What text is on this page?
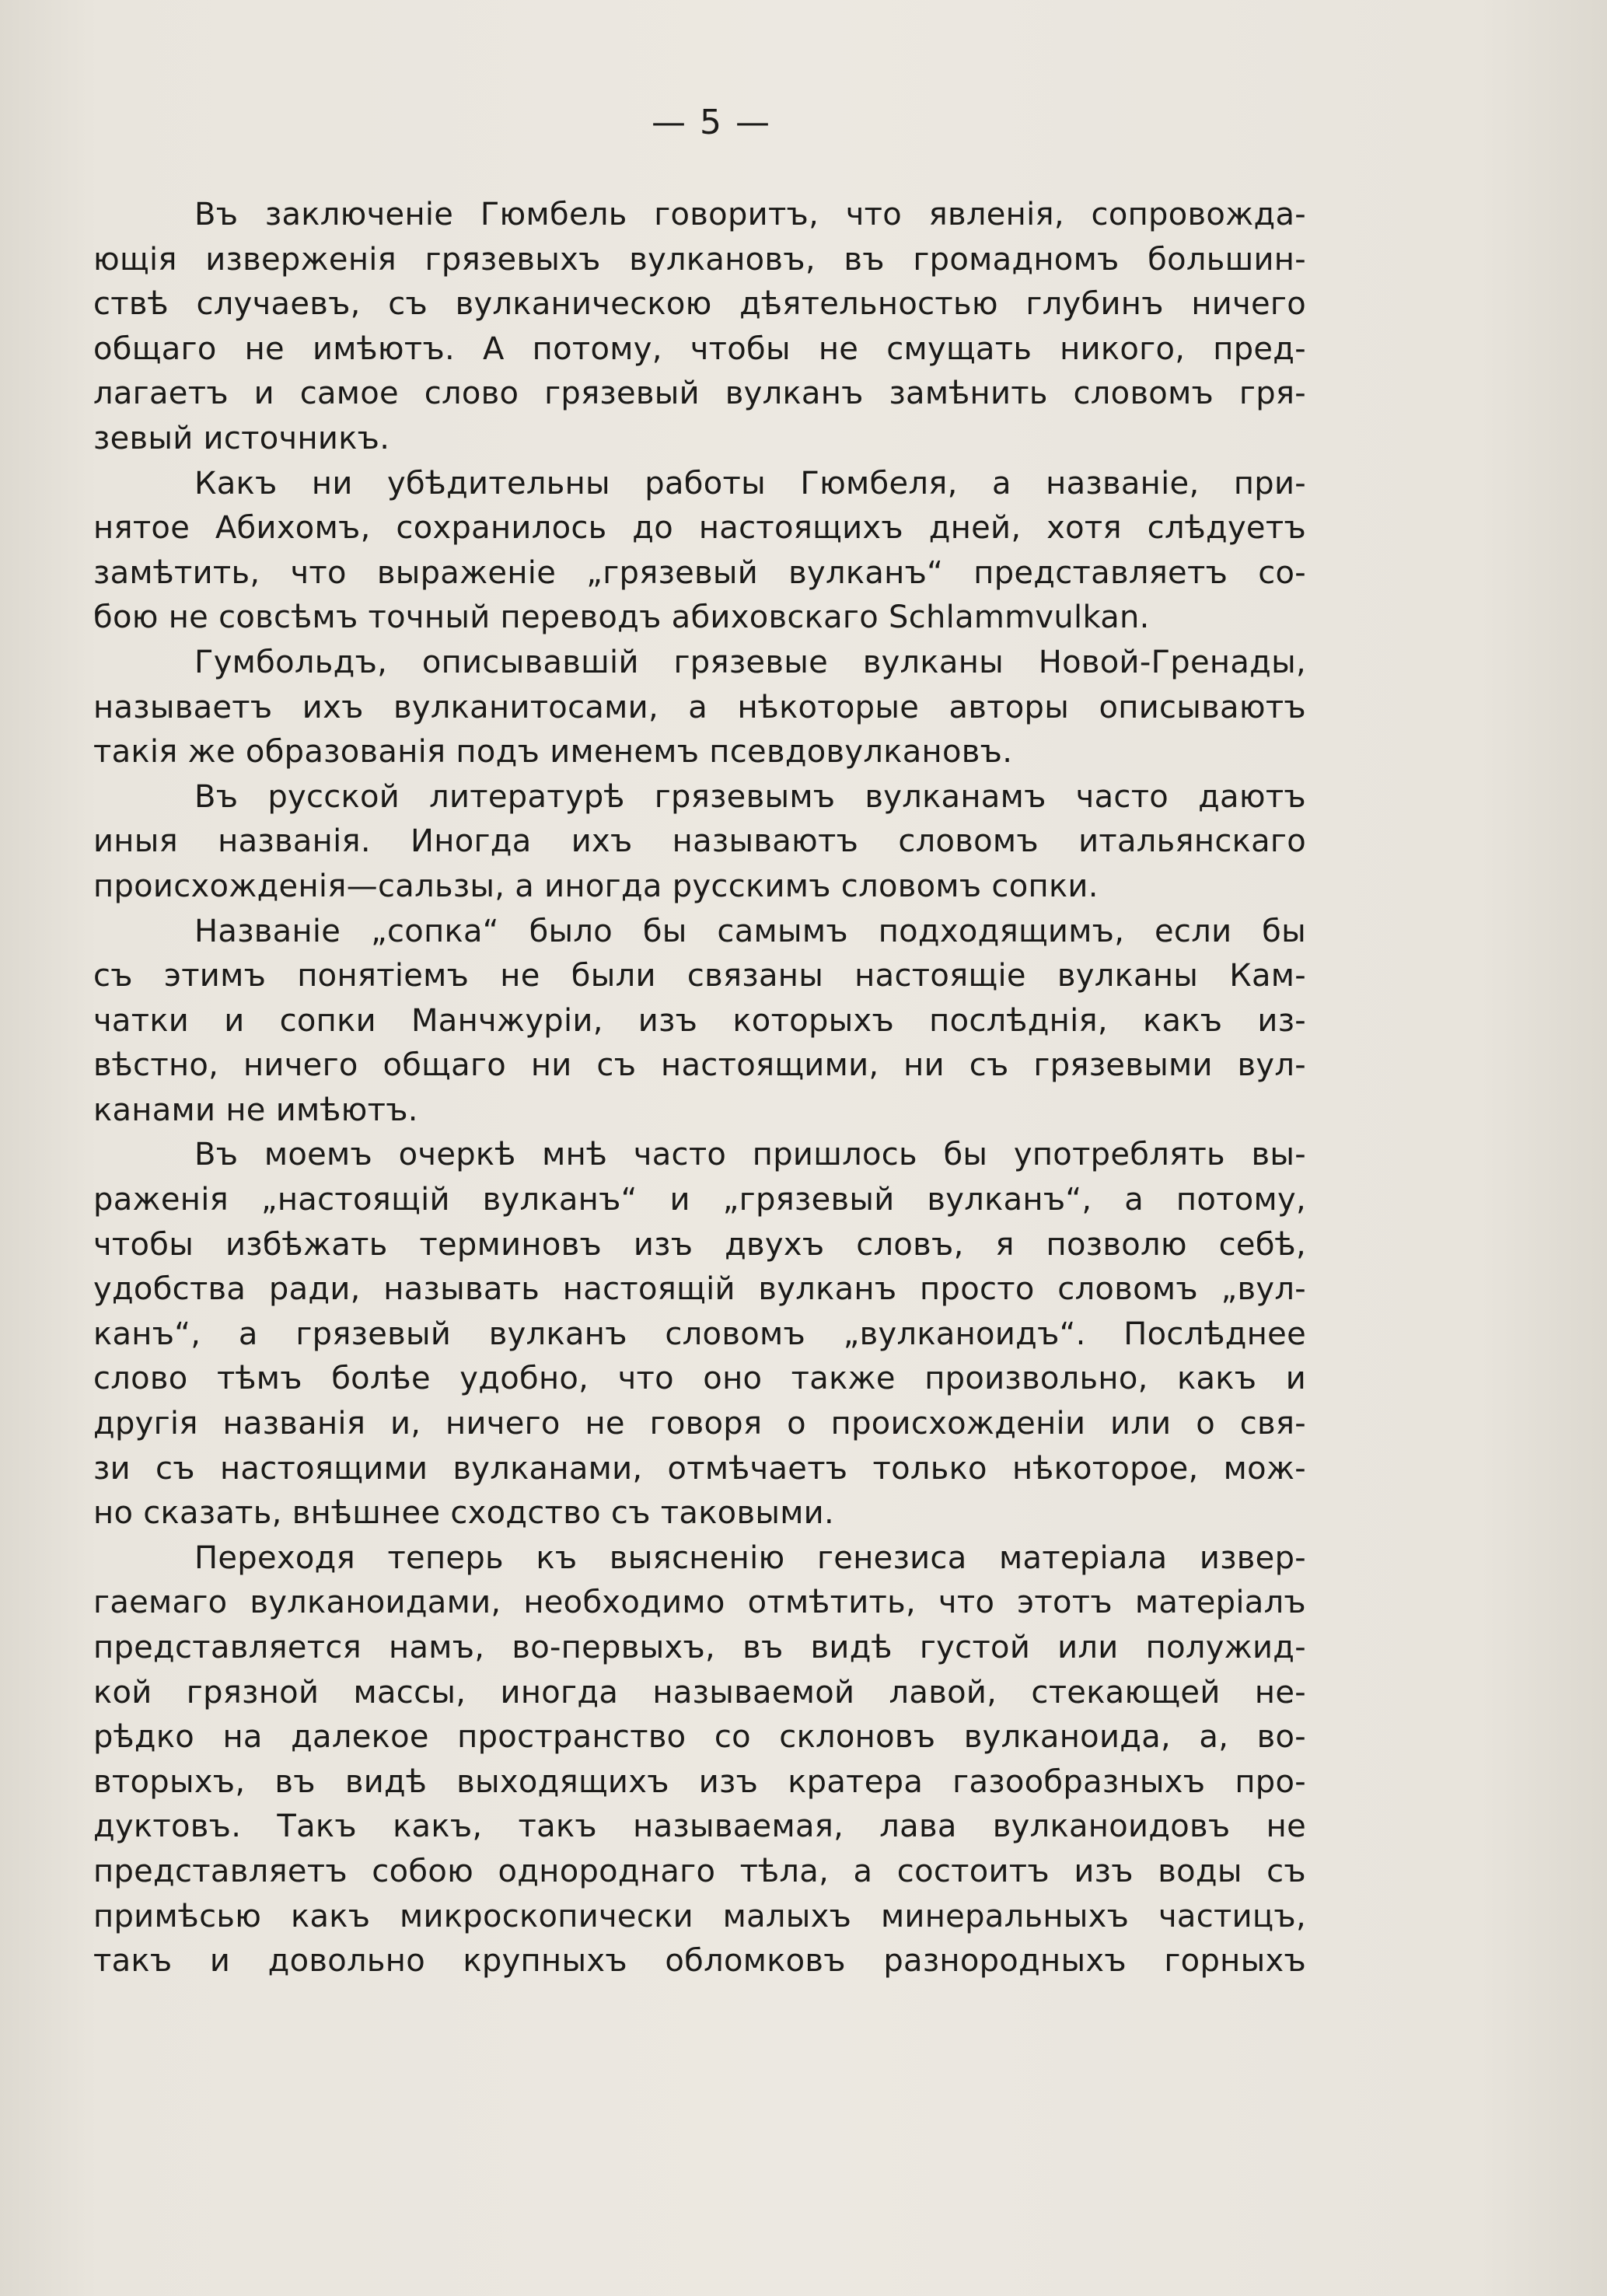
— 5 —
Въ заключеніе Гюмбель говоритъ, что явленія, сопровожда-
ющія изверженія грязевыхъ вулкановъ, въ громадномъ большин-
ствѣ случаевъ, съ вулканическою дѣятельностью глубинъ ничего
общаго не имѣютъ. А потому, чтобы не смущать никого, пред-
лагаетъ и самое слово грязевый вулканъ замѣнить словомъ гря-
зевый источникъ.
Какъ ни убѣдительны работы Гюмбеля, а названіе, при-
нятое Абихомъ, сохранилось до настоящихъ дней, хотя слѣдуетъ
замѣтить, что выраженіе „грязевый вулканъ“ представляетъ со-
бою не совсѣмъ точный переводъ абиховскаго Schlammvulkan.
Гумбольдъ, описывавшій грязевые вулканы Новой-Гренады,
называетъ ихъ вулканитосами, а нѣкоторые авторы описываютъ
такія же образованія подъ именемъ псевдовулкановъ.
Въ русской литературѣ грязевымъ вулканамъ часто даютъ
иныя названія. Иногда ихъ называютъ словомъ итальянскаго
происхожденія—сальзы, а иногда русскимъ словомъ сопки.
Названіе „сопка“ было бы самымъ подходящимъ, если бы
съ этимъ понятіемъ не были связаны настоящіе вулканы Кам-
чатки и сопки Манчжуріи, изъ которыхъ послѣднія, какъ из-
вѣстно, ничего общаго ни съ настоящими, ни съ грязевыми вул-
канами не имѣютъ.
Въ моемъ очеркѣ мнѣ часто пришлось бы употреблять вы-
раженія „настоящій вулканъ“ и „грязевый вулканъ“, а потому,
чтобы избѣжать терминовъ изъ двухъ словъ, я позволю себѣ,
удобства ради, называть настоящій вулканъ просто словомъ „вул-
канъ“, а грязевый вулканъ словомъ „вулканоидъ“. Послѣднее
слово тѣмъ болѣе удобно, что оно также произвольно, какъ и
другія названія и, ничего не говоря о происхожденіи или о свя-
зи съ настоящими вулканами, отмѣчаетъ только нѣкоторое, мож-
но сказать, внѣшнее сходство съ таковыми.
Переходя теперь къ выясненію генезиса матеріала извер-
гаемаго вулканоидами, необходимо отмѣтить, что этотъ матеріалъ
представляется намъ, во-первыхъ, въ видѣ густой или полужид-
кой грязной массы, иногда называемой лавой, стекающей не-
рѣдко на далекое пространство со склоновъ вулканоида, а, во-
вторыхъ, въ видѣ выходящихъ изъ кратера газообразныхъ про-
дуктовъ. Такъ какъ, такъ называемая, лава вулканоидовъ не
представляетъ собою однороднаго тѣла, а состоитъ изъ воды съ
примѣсью какъ микроскопически малыхъ минеральныхъ частицъ,
такъ и довольно крупныхъ обломковъ разнородныхъ горныхъ
